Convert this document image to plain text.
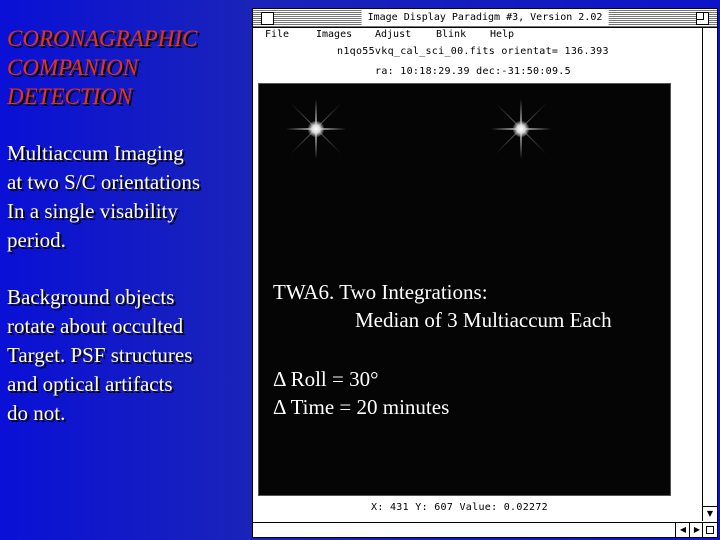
CORONAGRAPHIC
COMPANION
DETECTION
Multiaccum Imaging
at two S/C orientations
In a single visability
period.
Background objects
rotate about occulted
Target. PSF structures
and optical artifacts
do not.
Image Display Paradigm #3, Version 2.02
File	Images Adjust Blink Help
n1qo55vkq_cal_sci_00.fits orientat= 136.393
ra: 10:18:29.39 dec:-31:50:09.5
TWA6. Two Integrations:
Median of 3 Multiaccum Each
Δ Roll = 30°
Δ Time = 20 minutes
X: 431 Y: 607 Value: 0.02272
▼
◀ ▶
